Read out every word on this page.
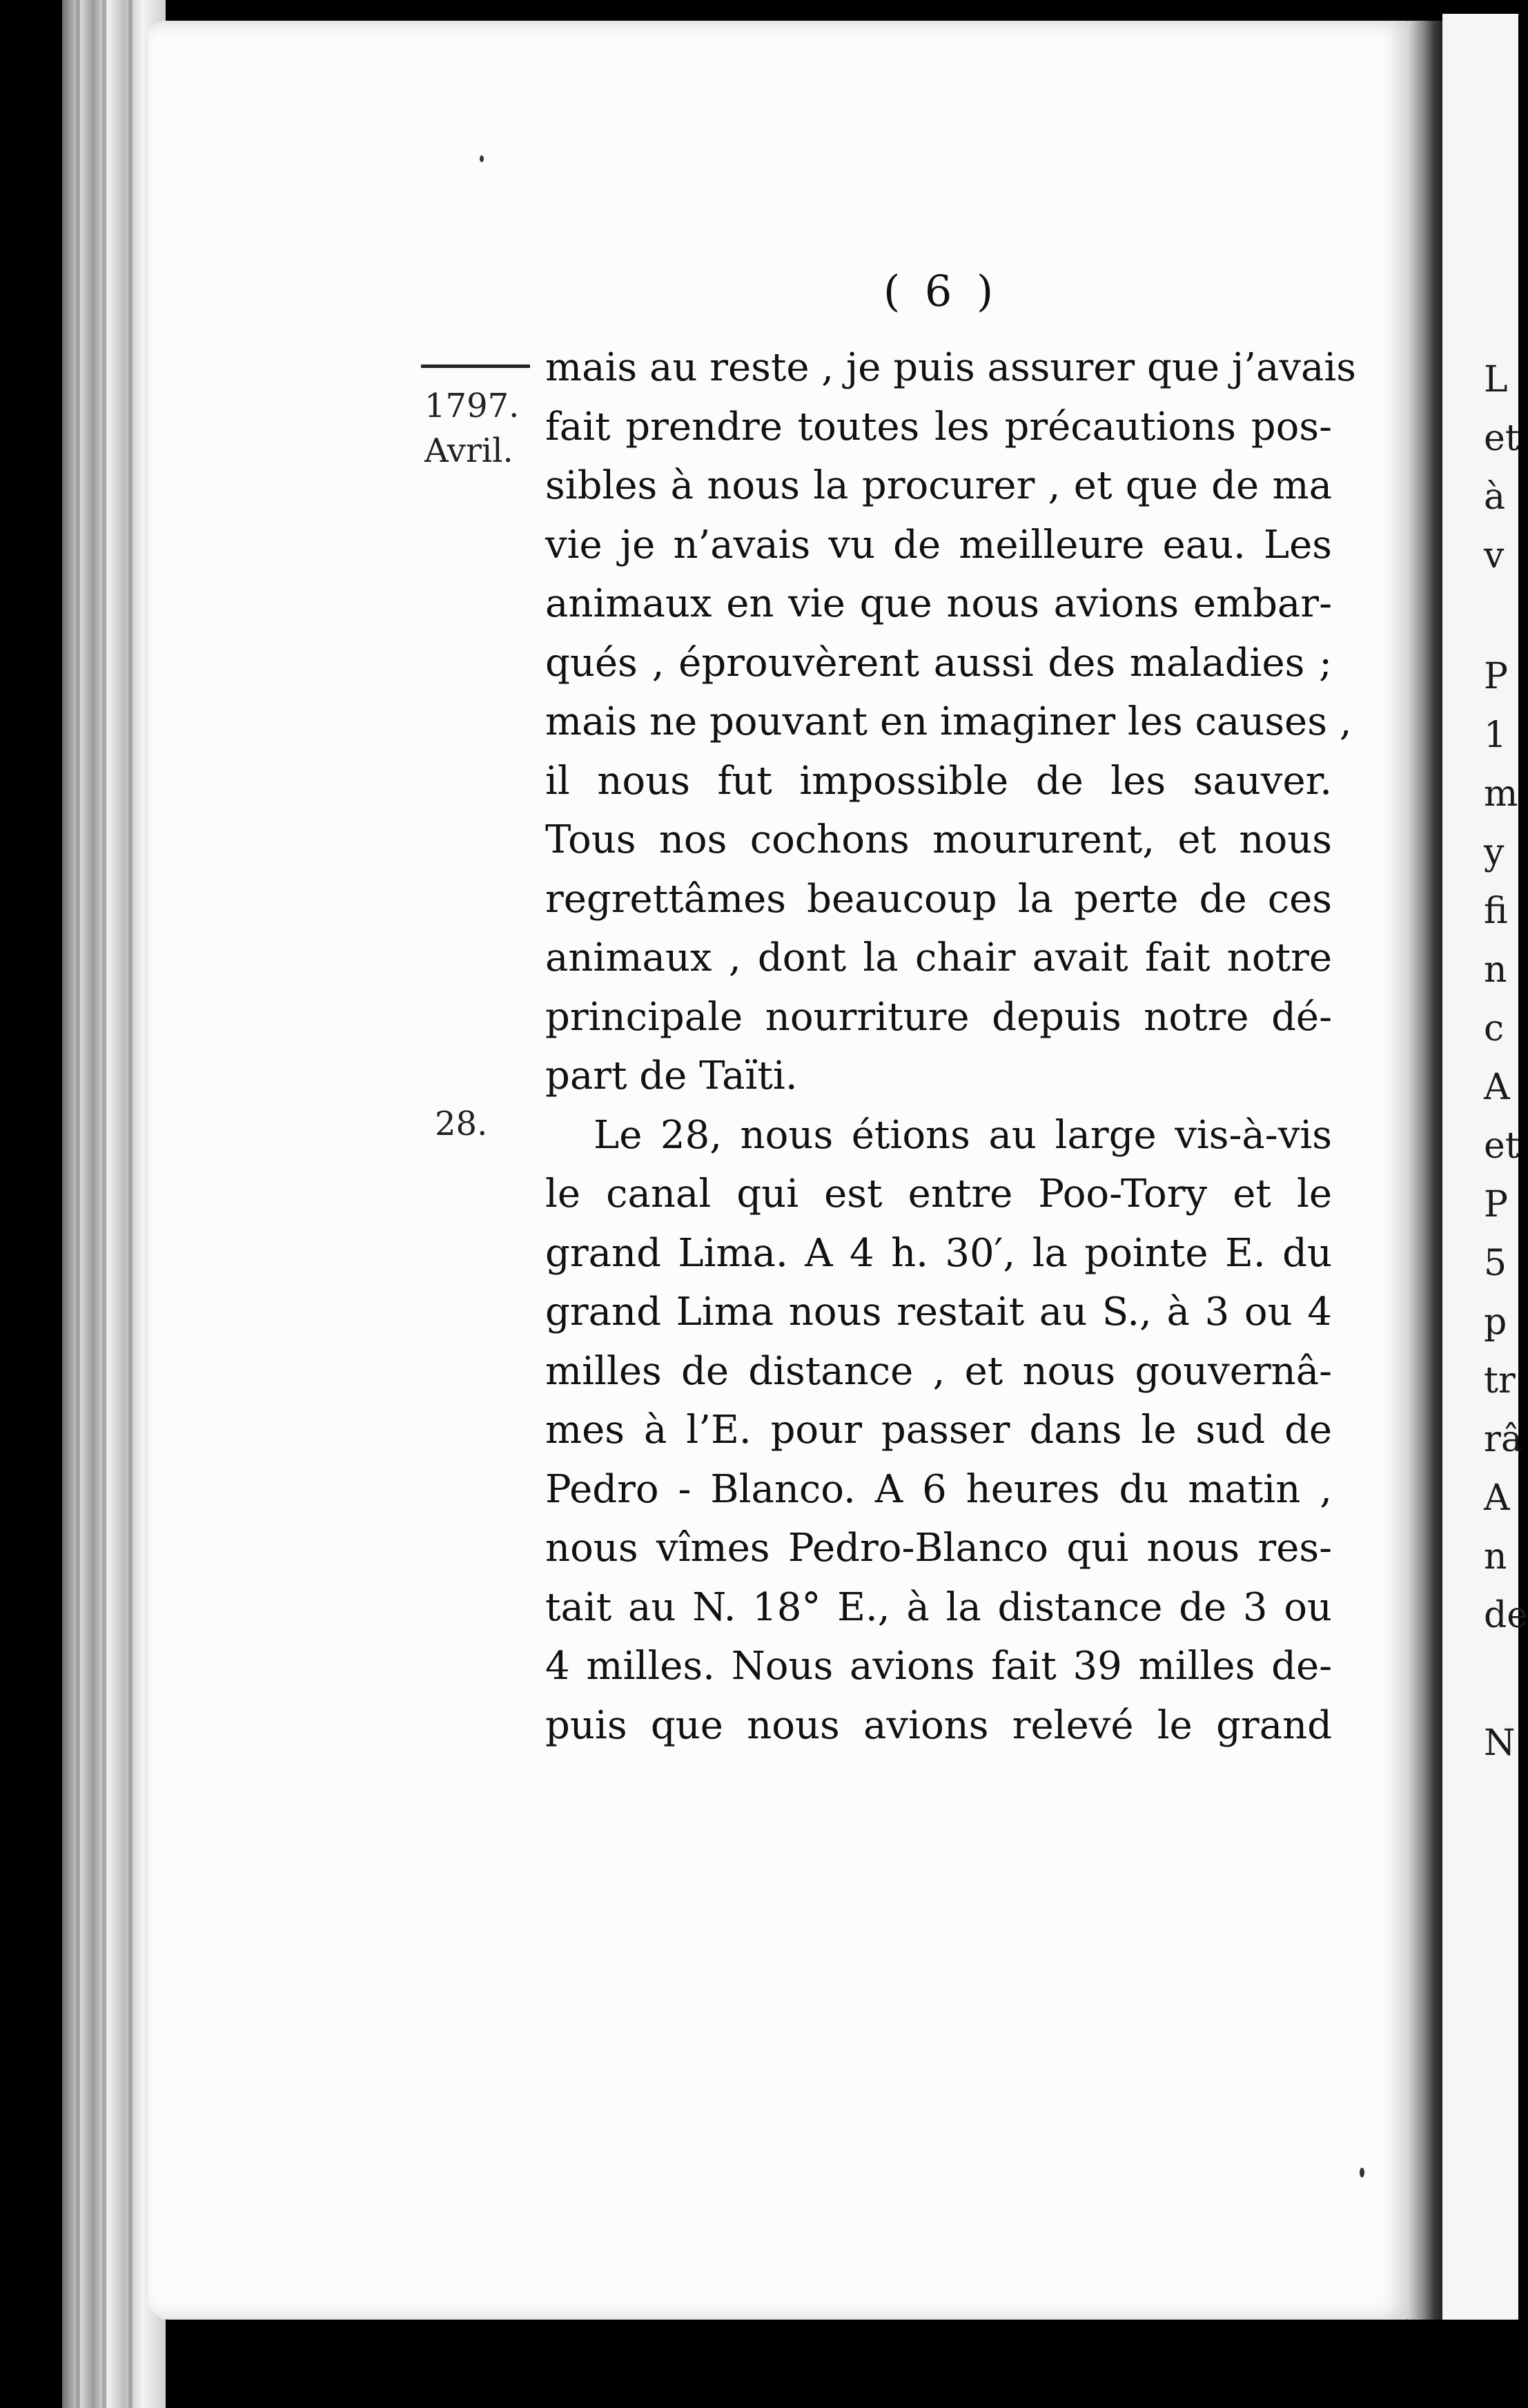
( 6 )
1797.
Avril.
28.
mais au reste , je puis assurer que j’avais
fait prendre toutes les précautions pos-
sibles à nous la procurer , et que de ma
vie je n’avais vu de meilleure eau. Les
animaux en vie que nous avions embar-
qués , éprouvèrent aussi des maladies ;
mais ne pouvant en imaginer les causes ,
il nous fut impossible de les sauver.
Tous nos cochons moururent, et nous
regrettâmes beaucoup la perte de ces
animaux , dont la chair avait fait notre
principale nourriture depuis notre dé-
part de Taïti.
Le 28, nous étions au large vis-à-vis
le canal qui est entre Poo-Tory et le
grand Lima. A 4 h. 30′, la pointe E. du
grand Lima nous restait au S., à 3 ou 4
milles de distance , et nous gouvernâ-
mes à l’E. pour passer dans le sud de
Pedro - Blanco. A 6 heures du matin ,
nous vîmes Pedro-Blanco qui nous res-
tait au N. 18° E., à la distance de 3 ou
4 milles. Nous avions fait 39 milles de-
puis que nous avions relevé le grand
L
et
à
v
P
1
m
y
fi
n
c
A
et
P
5
p
tr
râ
A
n
de
N
